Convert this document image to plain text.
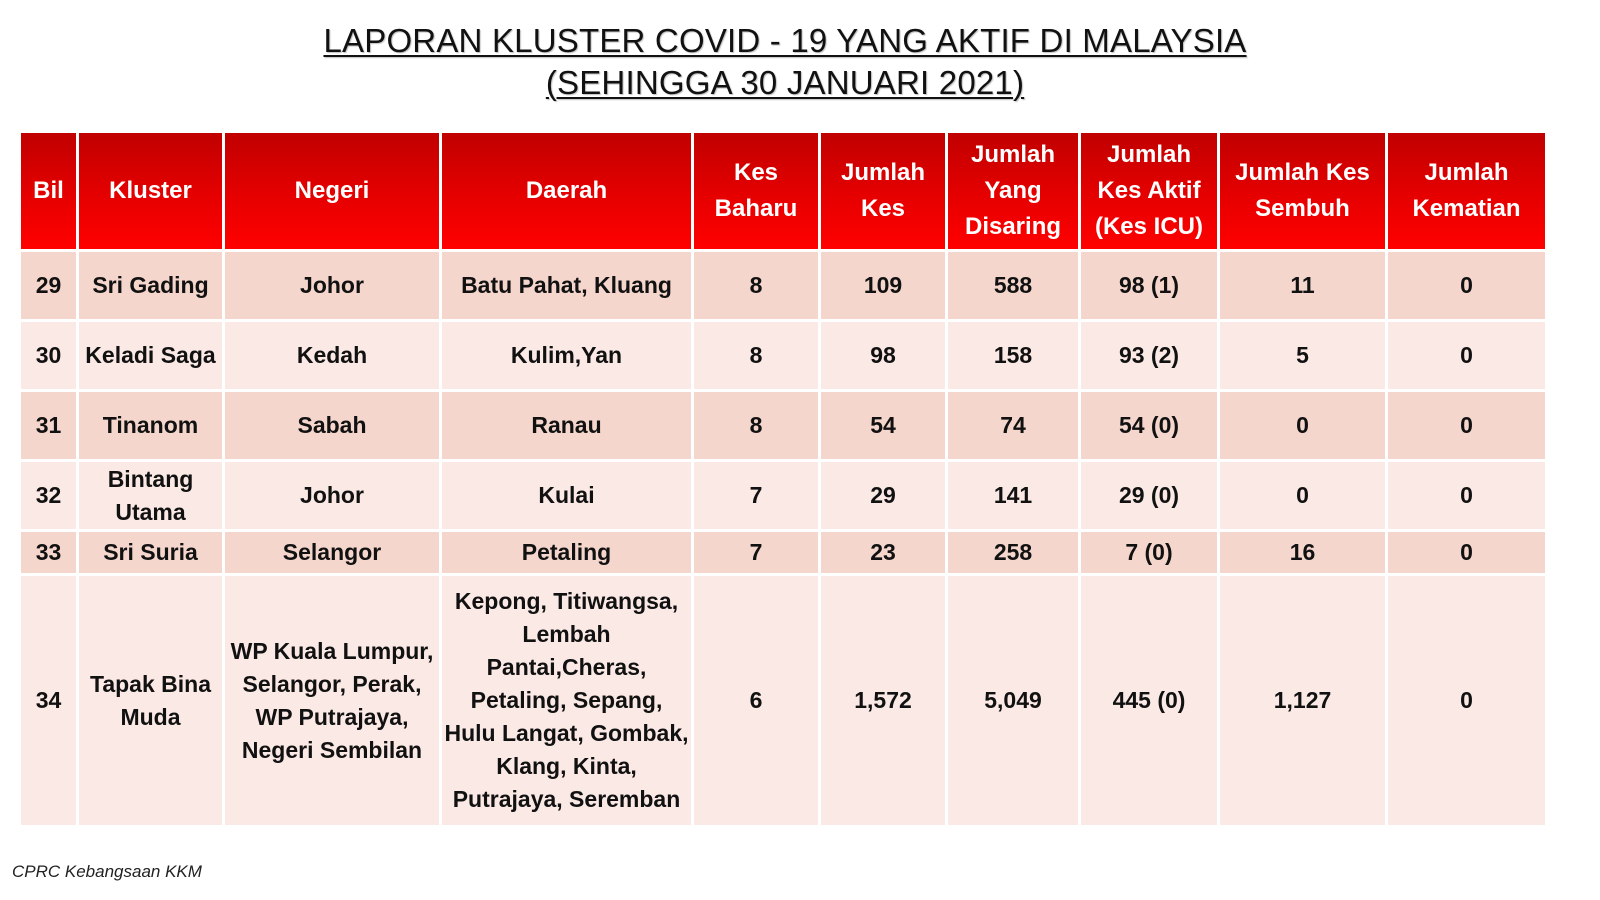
LAPORAN KLUSTER COVID - 19 YANG AKTIF DI MALAYSIA
(SEHINGGA 30 JANUARI 2021)
Bil	Kluster	Negeri	Daerah	Kes Baharu	Jumlah Kes	Jumlah Yang Disaring	Jumlah Kes Aktif (Kes ICU)	Jumlah Kes Sembuh	Jumlah Kematian
29	Sri Gading	Johor	Batu Pahat, Kluang	8	109	588	98 (1)	11	0
30	Keladi Saga	Kedah	Kulim,Yan	8	98	158	93 (2)	5	0
31	Tinanom	Sabah	Ranau	8	54	74	54 (0)	0	0
32	Bintang Utama	Johor	Kulai	7	29	141	29 (0)	0	0
33	Sri Suria	Selangor	Petaling	7	23	258	7 (0)	16	0
34	Tapak Bina Muda	WP Kuala Lumpur, Selangor, Perak, WP Putrajaya, Negeri Sembilan	Kepong, Titiwangsa, Lembah Pantai,Cheras, Petaling, Sepang, Hulu Langat, Gombak, Klang, Kinta, Putrajaya, Seremban	6	1,572	5,049	445 (0)	1,127	0
CPRC Kebangsaan KKM
